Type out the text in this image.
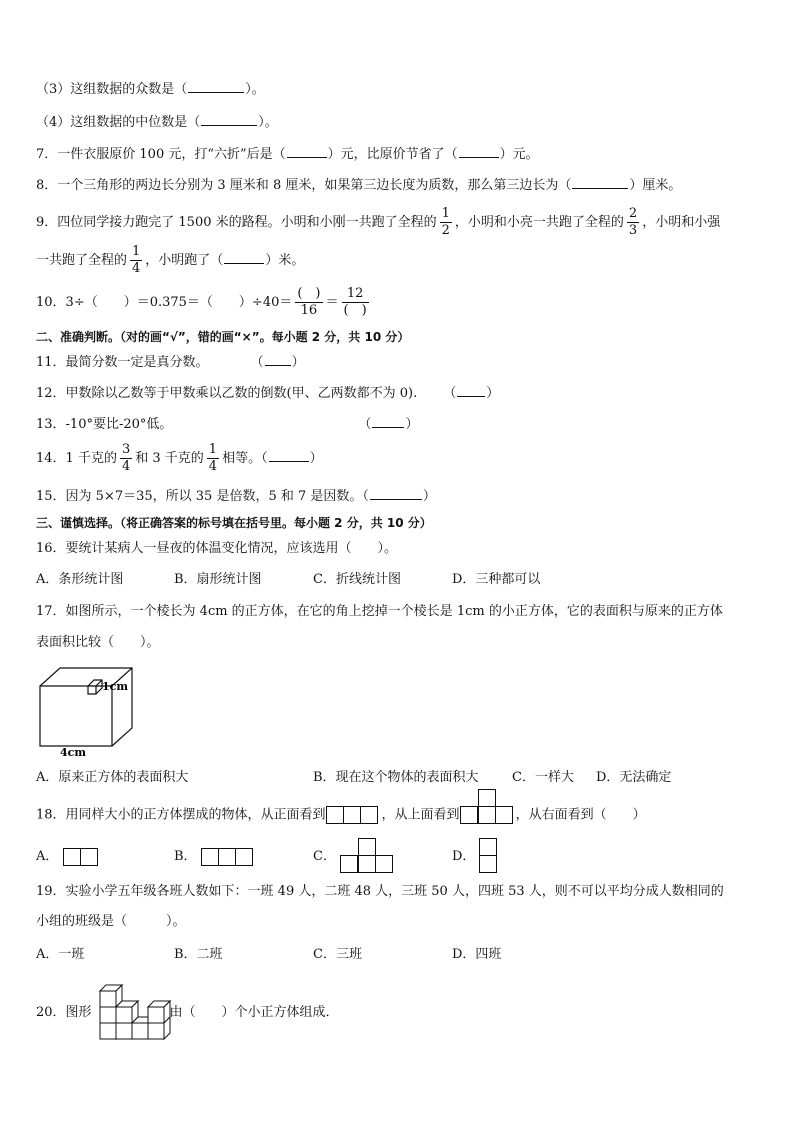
（3）这组数据的众数是（	）。
（4）这组数据的中位数是（	）。
7．一件衣服原价 100 元，打“六折”后是（	）元，比原价节省了（	）元。
8．一个三角形的两边长分别为 3 厘米和 8 厘米，如果第三边长度为质数，那么第三边长为（	）厘米。
9．四位同学接力跑完了 1500 米的路程。小明和小刚一共跑了全程的 $\frac{1}{2}$ ，小明和小亮一共跑了全程的 $\frac{2}{3}$ ，小明和小强
一共跑了全程的 $\frac{1}{4}$ ，小明跑了（	）米。
10．3÷（　　）＝0.375＝（　　）$\div 40= \frac{( )}{16} = \frac{12}{( )}$
二、准确判断。（对的画“√”，错的画“×”。每小题 2 分，共 10 分）
11．最简分数一定是真分数。	（ ）
12．甲数除以乙数等于甲数乘以乙数的倒数(甲、乙两数都不为 0). （ ）
13．-10°要比-20°低。	（	）
14．1 千克的 $\frac{3}{4}$ 和 3 千克的 $\frac{1}{4}$ 相等。（	）
15．因为 5×7＝35，所以 35 是倍数，5 和 7 是因数。（	）
三、谨慎选择。（将正确答案的标号填在括号里。每小题 2 分，共 10 分）
16．要统计某病人一昼夜的体温变化情况，应该选用（　　）。
A．条形统计图	B．扇形统计图	C．折线统计图	D．三种都可以
17．如图所示，一个棱长为 4cm 的正方体，在它的角上挖掉一个棱长是 1cm 的小正方体，它的表面积与原来的正方体
表面积比较（　　）。
1cm
4cm
A．原来正方体的表面积大	B．现在这个物体的表面积大	C．一样大 D．无法确定
18．用同样大小的正方体摆成的物体，从正面看到	，从上面看到	，从右面看到（　　）
A．	B．	C．	D．
19．实验小学五年级各班人数如下：一班 49 人，二班 48 人，三班 50 人，四班 53 人，则不可以平均分成人数相同的
小组的班级是（　　　）。
A．一班	B．二班	C．三班	D．四班
20．图形	由（　　）个小正方体组成．
